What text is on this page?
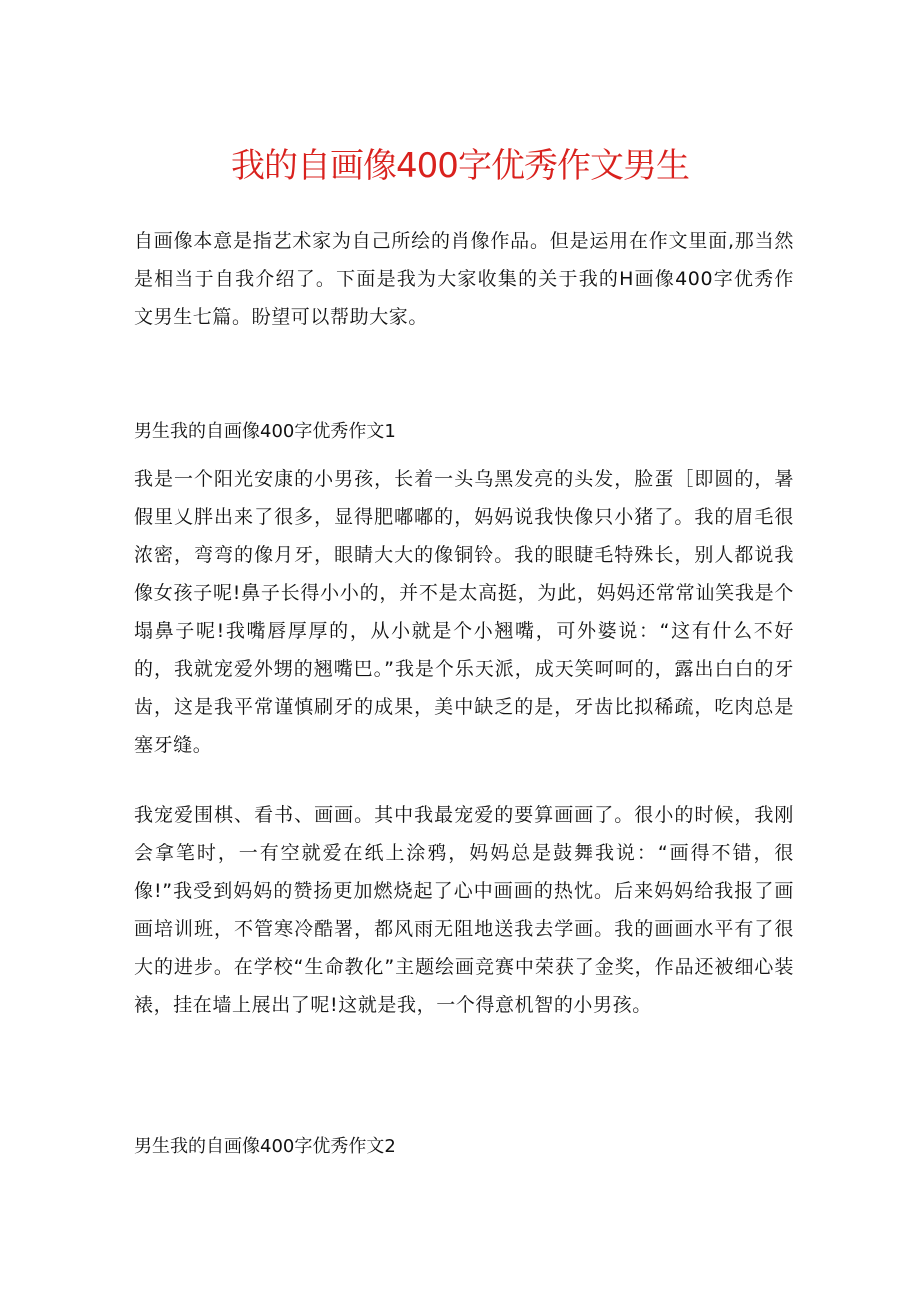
我的自画像400字优秀作文男生

自画像本意是指艺术家为自己所绘的肖像作品。但是运用在作文里面,那当然是相当于自我介绍了。下面是我为大家收集的关于我的H画像400字优秀作文男生七篇。盼望可以帮助大家。

男生我的自画像400字优秀作文1

我是一个阳光安康的小男孩，长着一头乌黑发亮的头发，脸蛋［即圆的，暑假里乂胖出来了很多，显得肥嘟嘟的，妈妈说我快像只小猪了。我的眉毛很浓密，弯弯的像月牙，眼睛大大的像铜铃。我的眼睫毛特殊长，别人都说我像女孩子呢!鼻子长得小小的，并不是太高挺，为此，妈妈还常常讪笑我是个塌鼻子呢!我嘴唇厚厚的，从小就是个小翘嘴，可外婆说：“这有什么不好的，我就宠爱外甥的翘嘴巴。”我是个乐天派，成天笑呵呵的，露出白白的牙齿，这是我平常谨慎刷牙的成果，美中缺乏的是，牙齿比拟稀疏，吃肉总是塞牙缝。

我宠爱围棋、看书、画画。其中我最宠爱的要算画画了。很小的时候，我刚会拿笔时，一有空就爱在纸上涂鸦，妈妈总是鼓舞我说：“画得不错，很像!”我受到妈妈的赞扬更加燃烧起了心中画画的热忱。后来妈妈给我报了画画培训班，不管寒冷酷署，都风雨无阻地送我去学画。我的画画水平有了很大的进步。在学校“生命教化”主题绘画竞赛中荣获了金奖，作品还被细心装裱，挂在墙上展出了呢!这就是我，一个得意机智的小男孩。

男生我的自画像400字优秀作文2
